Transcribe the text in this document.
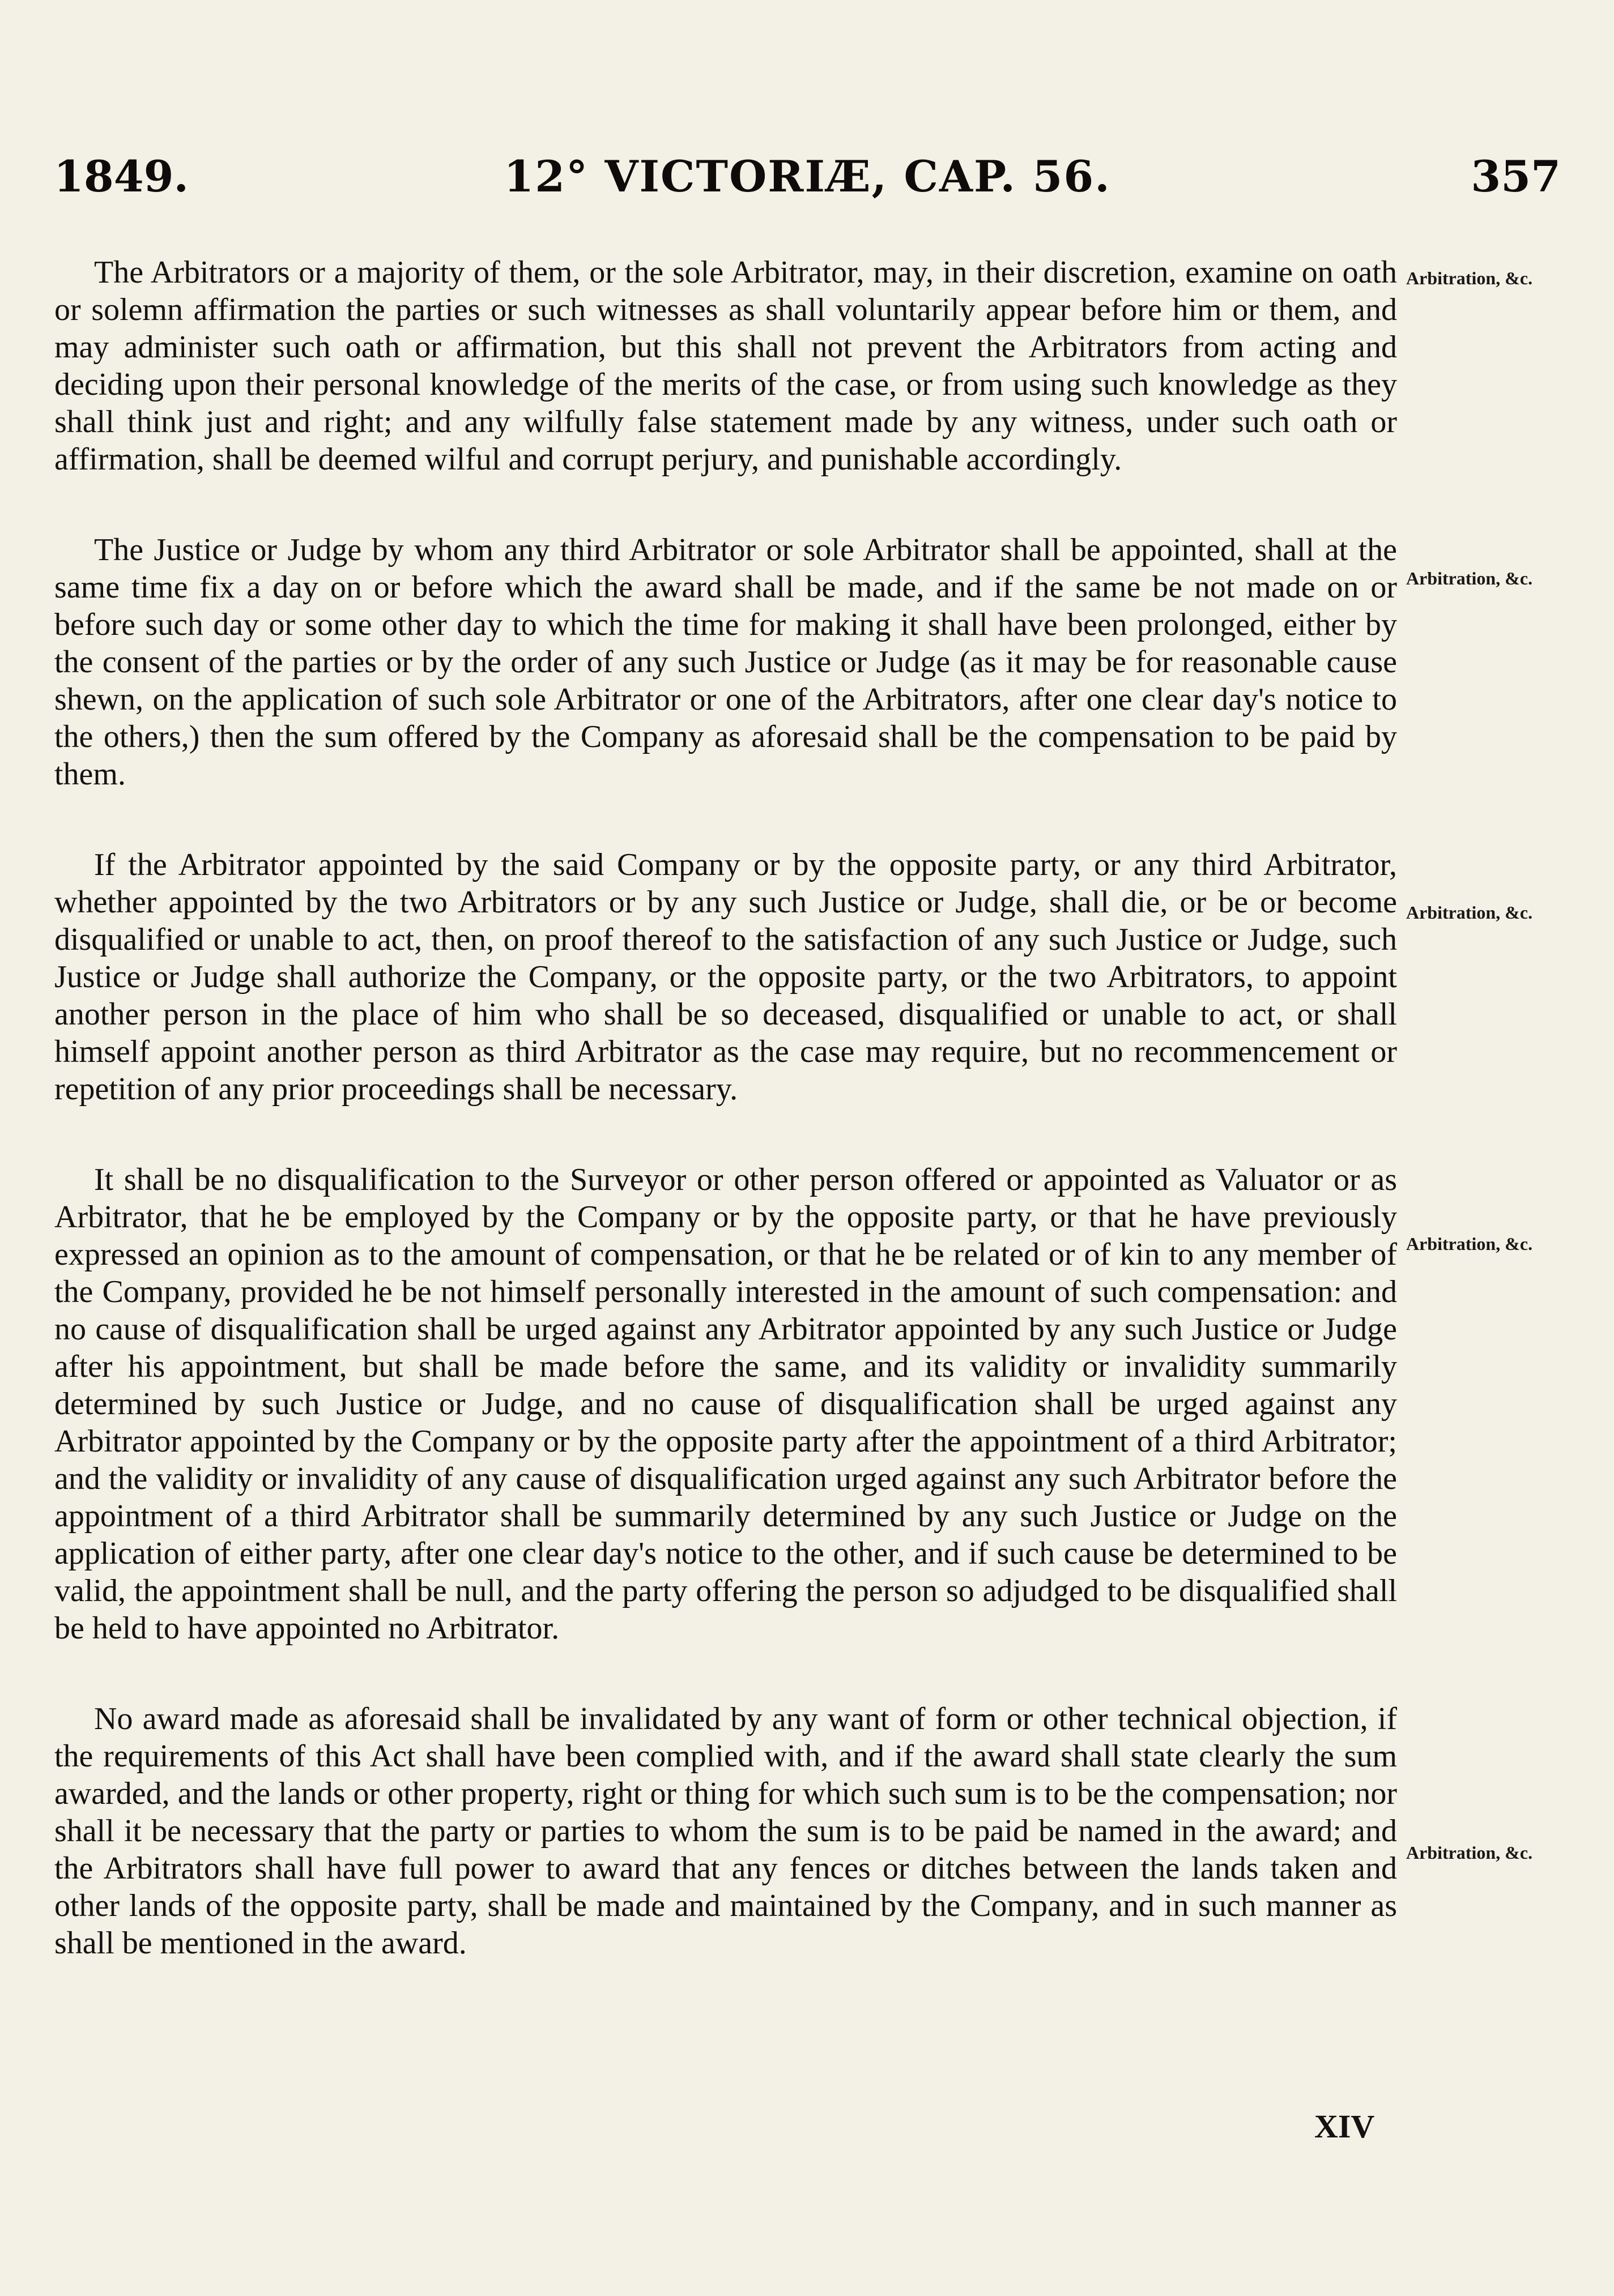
1849.	12° VICTORIÆ, CAP. 56.	357
Arbitration, &c.
Arbitration, &c.
Arbitration, &c.
Arbitration, &c.
Arbitration, &c.

The Arbitrators or a majority of them, or the sole Arbitrator, may, in their discretion, examine on oath or solemn affirmation the parties or such witnesses as shall voluntarily appear before him or them, and may administer such oath or affirmation, but this shall not prevent the Arbitrators from acting and deciding upon their personal knowledge of the merits of the case, or from using such knowledge as they shall think just and right; and any wilfully false statement made by any witness, under such oath or affirmation, shall be deemed wilful and corrupt perjury, and punishable accordingly.

The Justice or Judge by whom any third Arbitrator or sole Arbitrator shall be appointed, shall at the same time fix a day on or before which the award shall be made, and if the same be not made on or before such day or some other day to which the time for making it shall have been prolonged, either by the consent of the parties or by the order of any such Justice or Judge (as it may be for reasonable cause shewn, on the application of such sole Arbitrator or one of the Arbitrators, after one clear day's notice to the others,) then the sum offered by the Company as aforesaid shall be the compensation to be paid by them.

If the Arbitrator appointed by the said Company or by the opposite party, or any third Arbitrator, whether appointed by the two Arbitrators or by any such Justice or Judge, shall die, or be or become disqualified or unable to act, then, on proof thereof to the satisfaction of any such Justice or Judge, such Justice or Judge shall authorize the Company, or the opposite party, or the two Arbitrators, to appoint another person in the place of him who shall be so deceased, disqualified or unable to act, or shall himself appoint another person as third Arbitrator as the case may require, but no recommencement or repetition of any prior proceedings shall be necessary.

It shall be no disqualification to the Surveyor or other person offered or appointed as Valuator or as Arbitrator, that he be employed by the Company or by the opposite party, or that he have previously expressed an opinion as to the amount of compensation, or that he be related or of kin to any member of the Company, provided he be not himself personally interested in the amount of such compensation: and no cause of disqualification shall be urged against any Arbitrator appointed by any such Justice or Judge after his appointment, but shall be made before the same, and its validity or invalidity summarily determined by such Justice or Judge, and no cause of disqualification shall be urged against any Arbitrator appointed by the Company or by the opposite party after the appointment of a third Arbitrator; and the validity or invalidity of any cause of disqualification urged against any such Arbitrator before the appointment of a third Arbitrator shall be summarily determined by any such Justice or Judge on the application of either party, after one clear day's notice to the other, and if such cause be determined to be valid, the appointment shall be null, and the party offering the person so adjudged to be disqualified shall be held to have appointed no Arbitrator.

No award made as aforesaid shall be invalidated by any want of form or other technical objection, if the requirements of this Act shall have been complied with, and if the award shall state clearly the sum awarded, and the lands or other property, right or thing for which such sum is to be the compensation; nor shall it be necessary that the party or parties to whom the sum is to be paid be named in the award; and the Arbitrators shall have full power to award that any fences or ditches between the lands taken and other lands of the opposite party, shall be made and maintained by the Company, and in such manner as shall be mentioned in the award.

XIV
